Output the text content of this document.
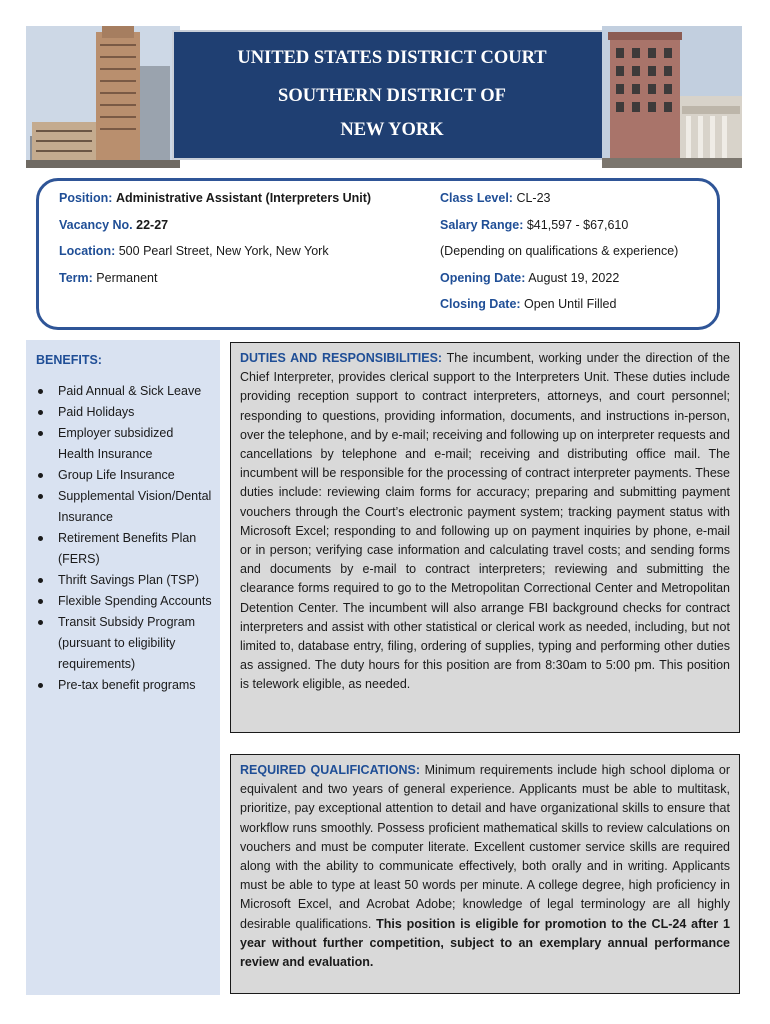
UNITED STATES DISTRICT COURT
SOUTHERN DISTRICT OF
NEW YORK
Position: Administrative Assistant (Interpreters Unit)
Vacancy No. 22-27
Location: 500 Pearl Street, New York, New York
Term: Permanent
Class Level: CL-23
Salary Range: $41,597 - $67,610
(Depending on qualifications & experience)
Opening Date: August 19, 2022
Closing Date: Open Until Filled
BENEFITS:
Paid Annual & Sick Leave
Paid Holidays
Employer subsidized Health Insurance
Group Life Insurance
Supplemental Vision/Dental Insurance
Retirement Benefits Plan (FERS)
Thrift Savings Plan (TSP)
Flexible Spending Accounts
Transit Subsidy Program (pursuant to eligibility requirements)
Pre-tax benefit programs
DUTIES AND RESPONSIBILITIES: The incumbent, working under the direction of the Chief Interpreter, provides clerical support to the Interpreters Unit. These duties include providing reception support to contract interpreters, attorneys, and court personnel; responding to questions, providing information, documents, and instructions in-person, over the telephone, and by e-mail; receiving and following up on interpreter requests and cancellations by telephone and e-mail; receiving and distributing office mail. The incumbent will be responsible for the processing of contract interpreter payments. These duties include: reviewing claim forms for accuracy; preparing and submitting payment vouchers through the Court’s electronic payment system; tracking payment status with Microsoft Excel; responding to and following up on payment inquiries by phone, e-mail or in person; verifying case information and calculating travel costs; and sending forms and documents by e-mail to contract interpreters; reviewing and submitting the clearance forms required to go to the Metropolitan Correctional Center and Metropolitan Detention Center. The incumbent will also arrange FBI background checks for contract interpreters and assist with other statistical or clerical work as needed, including, but not limited to, database entry, filing, ordering of supplies, typing and performing other duties as assigned. The duty hours for this position are from 8:30am to 5:00 pm. This position is telework eligible, as needed.
REQUIRED QUALIFICATIONS: Minimum requirements include high school diploma or equivalent and two years of general experience. Applicants must be able to multitask, prioritize, pay exceptional attention to detail and have organizational skills to ensure that workflow runs smoothly. Possess proficient mathematical skills to review calculations on vouchers and must be computer literate. Excellent customer service skills are required along with the ability to communicate effectively, both orally and in writing. Applicants must be able to type at least 50 words per minute. A college degree, high proficiency in Microsoft Excel, and Acrobat Adobe; knowledge of legal terminology are all highly desirable qualifications. This position is eligible for promotion to the CL-24 after 1 year without further competition, subject to an exemplary annual performance review and evaluation.
